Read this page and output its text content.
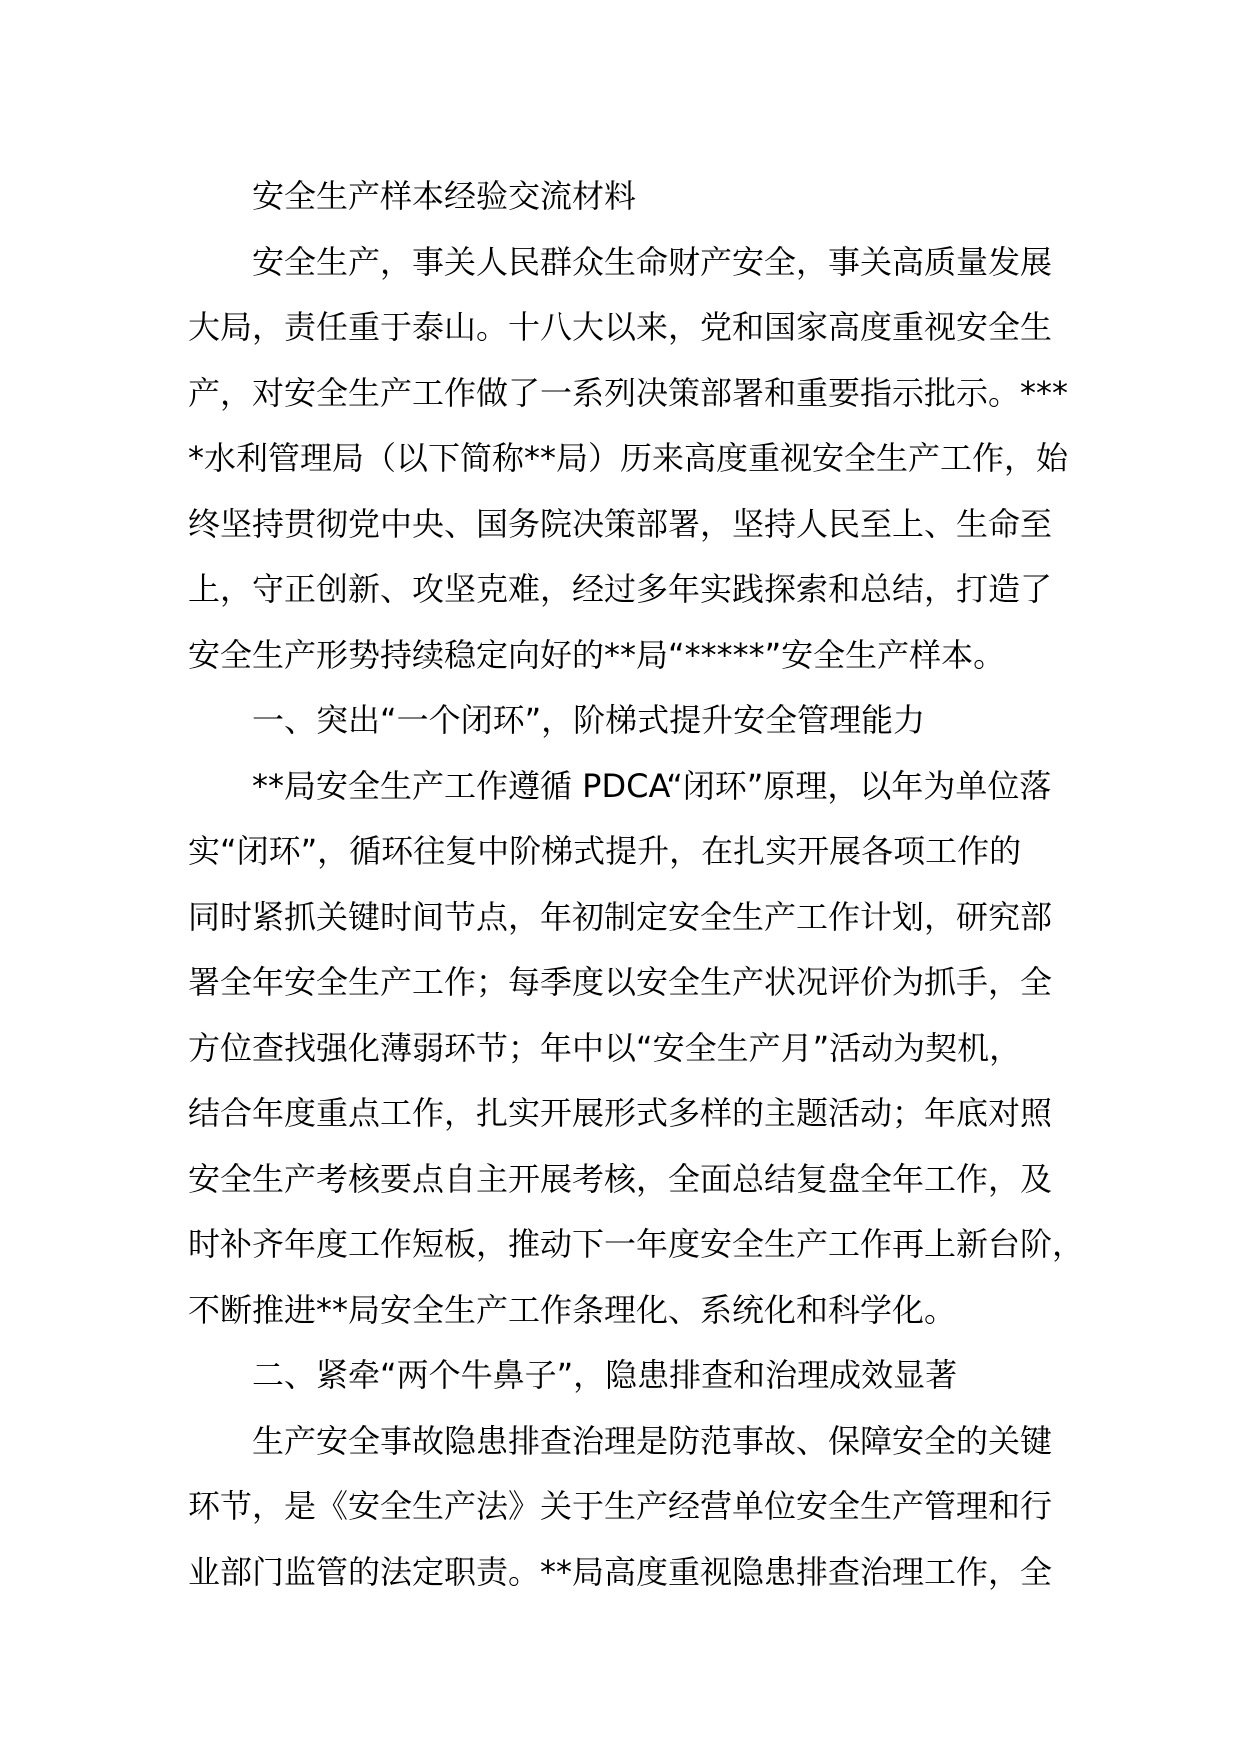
安全生产样本经验交流材料
安全生产，事关人民群众生命财产安全，事关高质量发展
大局，责任重于泰山。十八大以来，党和国家高度重视安全生
产，对安全生产工作做了一系列决策部署和重要指示批示。***
*水利管理局（以下简称**局）历来高度重视安全生产工作，始
终坚持贯彻党中央、国务院决策部署，坚持人民至上、生命至
上，守正创新、攻坚克难，经过多年实践探索和总结，打造了
安全生产形势持续稳定向好的**局“*****”安全生产样本。
一、突出“一个闭环”，阶梯式提升安全管理能力
**局安全生产工作遵循 PDCA“闭环”原理，以年为单位落
实“闭环”，循环往复中阶梯式提升，在扎实开展各项工作的
同时紧抓关键时间节点，年初制定安全生产工作计划，研究部
署全年安全生产工作；每季度以安全生产状况评价为抓手，全
方位查找强化薄弱环节；年中以“安全生产月”活动为契机，
结合年度重点工作，扎实开展形式多样的主题活动；年底对照
安全生产考核要点自主开展考核，全面总结复盘全年工作，及
时补齐年度工作短板，推动下一年度安全生产工作再上新台阶，
不断推进**局安全生产工作条理化、系统化和科学化。
二、紧牵“两个牛鼻子”，隐患排查和治理成效显著
生产安全事故隐患排查治理是防范事故、保障安全的关键
环节，是《安全生产法》关于生产经营单位安全生产管理和行
业部门监管的法定职责。**局高度重视隐患排查治理工作，全
